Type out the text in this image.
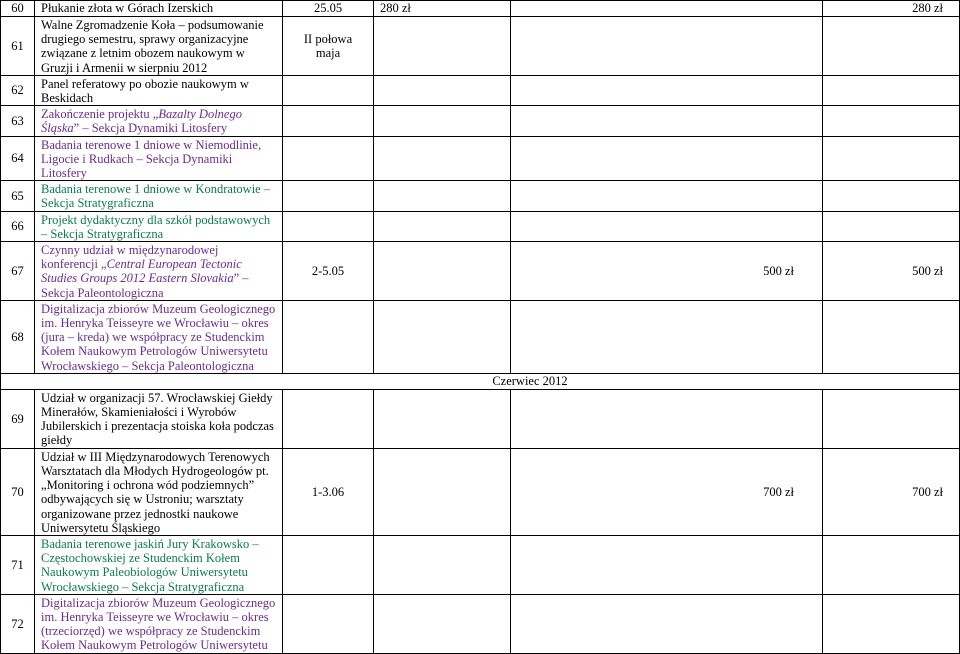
60	Płukanie złota w Górach Izerskich	25.05	280 zł		280 zł
61	Walne Zgromadzenie Koła – podsumowanie drugiego semestru, sprawy organizacyjne związane z letnim obozem naukowym w Gruzji i Armenii w sierpniu 2012	II połowa maja			
62	Panel referatowy po obozie naukowym w Beskidach				
63	Zakończenie projektu „Bazalty Dolnego Śląska” – Sekcja Dynamiki Litosfery				
64	Badania terenowe 1 dniowe w Niemodlinie, Ligocie i Rudkach – Sekcja Dynamiki Litosfery				
65	Badania terenowe 1 dniowe w Kondratowie – Sekcja Stratygraficzna				
66	Projekt dydaktyczny dla szkół podstawowych – Sekcja Stratygraficzna				
67	Czynny udział w międzynarodowej konferencji „Central European Tectonic Studies Groups 2012 Eastern Slovakia” – Sekcja Paleontologiczna	2-5.05		500 zł	500 zł
68	Digitalizacja zbiorów Muzeum Geologicznego im. Henryka Teisseyre we Wrocławiu – okres (jura – kreda) we współpracy ze Studenckim Kołem Naukowym Petrologów Uniwersytetu Wrocławskiego – Sekcja Paleontologiczna				
Czerwiec 2012					
69	Udział w organizacji 57. Wrocławskiej Giełdy Minerałów, Skamieniałości i Wyrobów Jubilerskich i prezentacja stoiska koła podczas giełdy				
70	Udział w III Międzynarodowych Terenowych Warsztatach dla Młodych Hydrogeologów pt. „Monitoring i ochrona wód podziemnych” odbywających się w Ustroniu; warsztaty organizowane przez jednostki naukowe Uniwersytetu Śląskiego	1-3.06		700 zł	700 zł
71	Badania terenowe jaskiń Jury Krakowsko – Częstochowskiej ze Studenckim Kołem Naukowym Paleobiologów Uniwersytetu Wrocławskiego – Sekcja Stratygraficzna				
72	Digitalizacja zbiorów Muzeum Geologicznego im. Henryka Teisseyre we Wrocławiu – okres (trzeciorzęd) we współpracy ze Studenckim Kołem Naukowym Petrologów Uniwersytetu				
